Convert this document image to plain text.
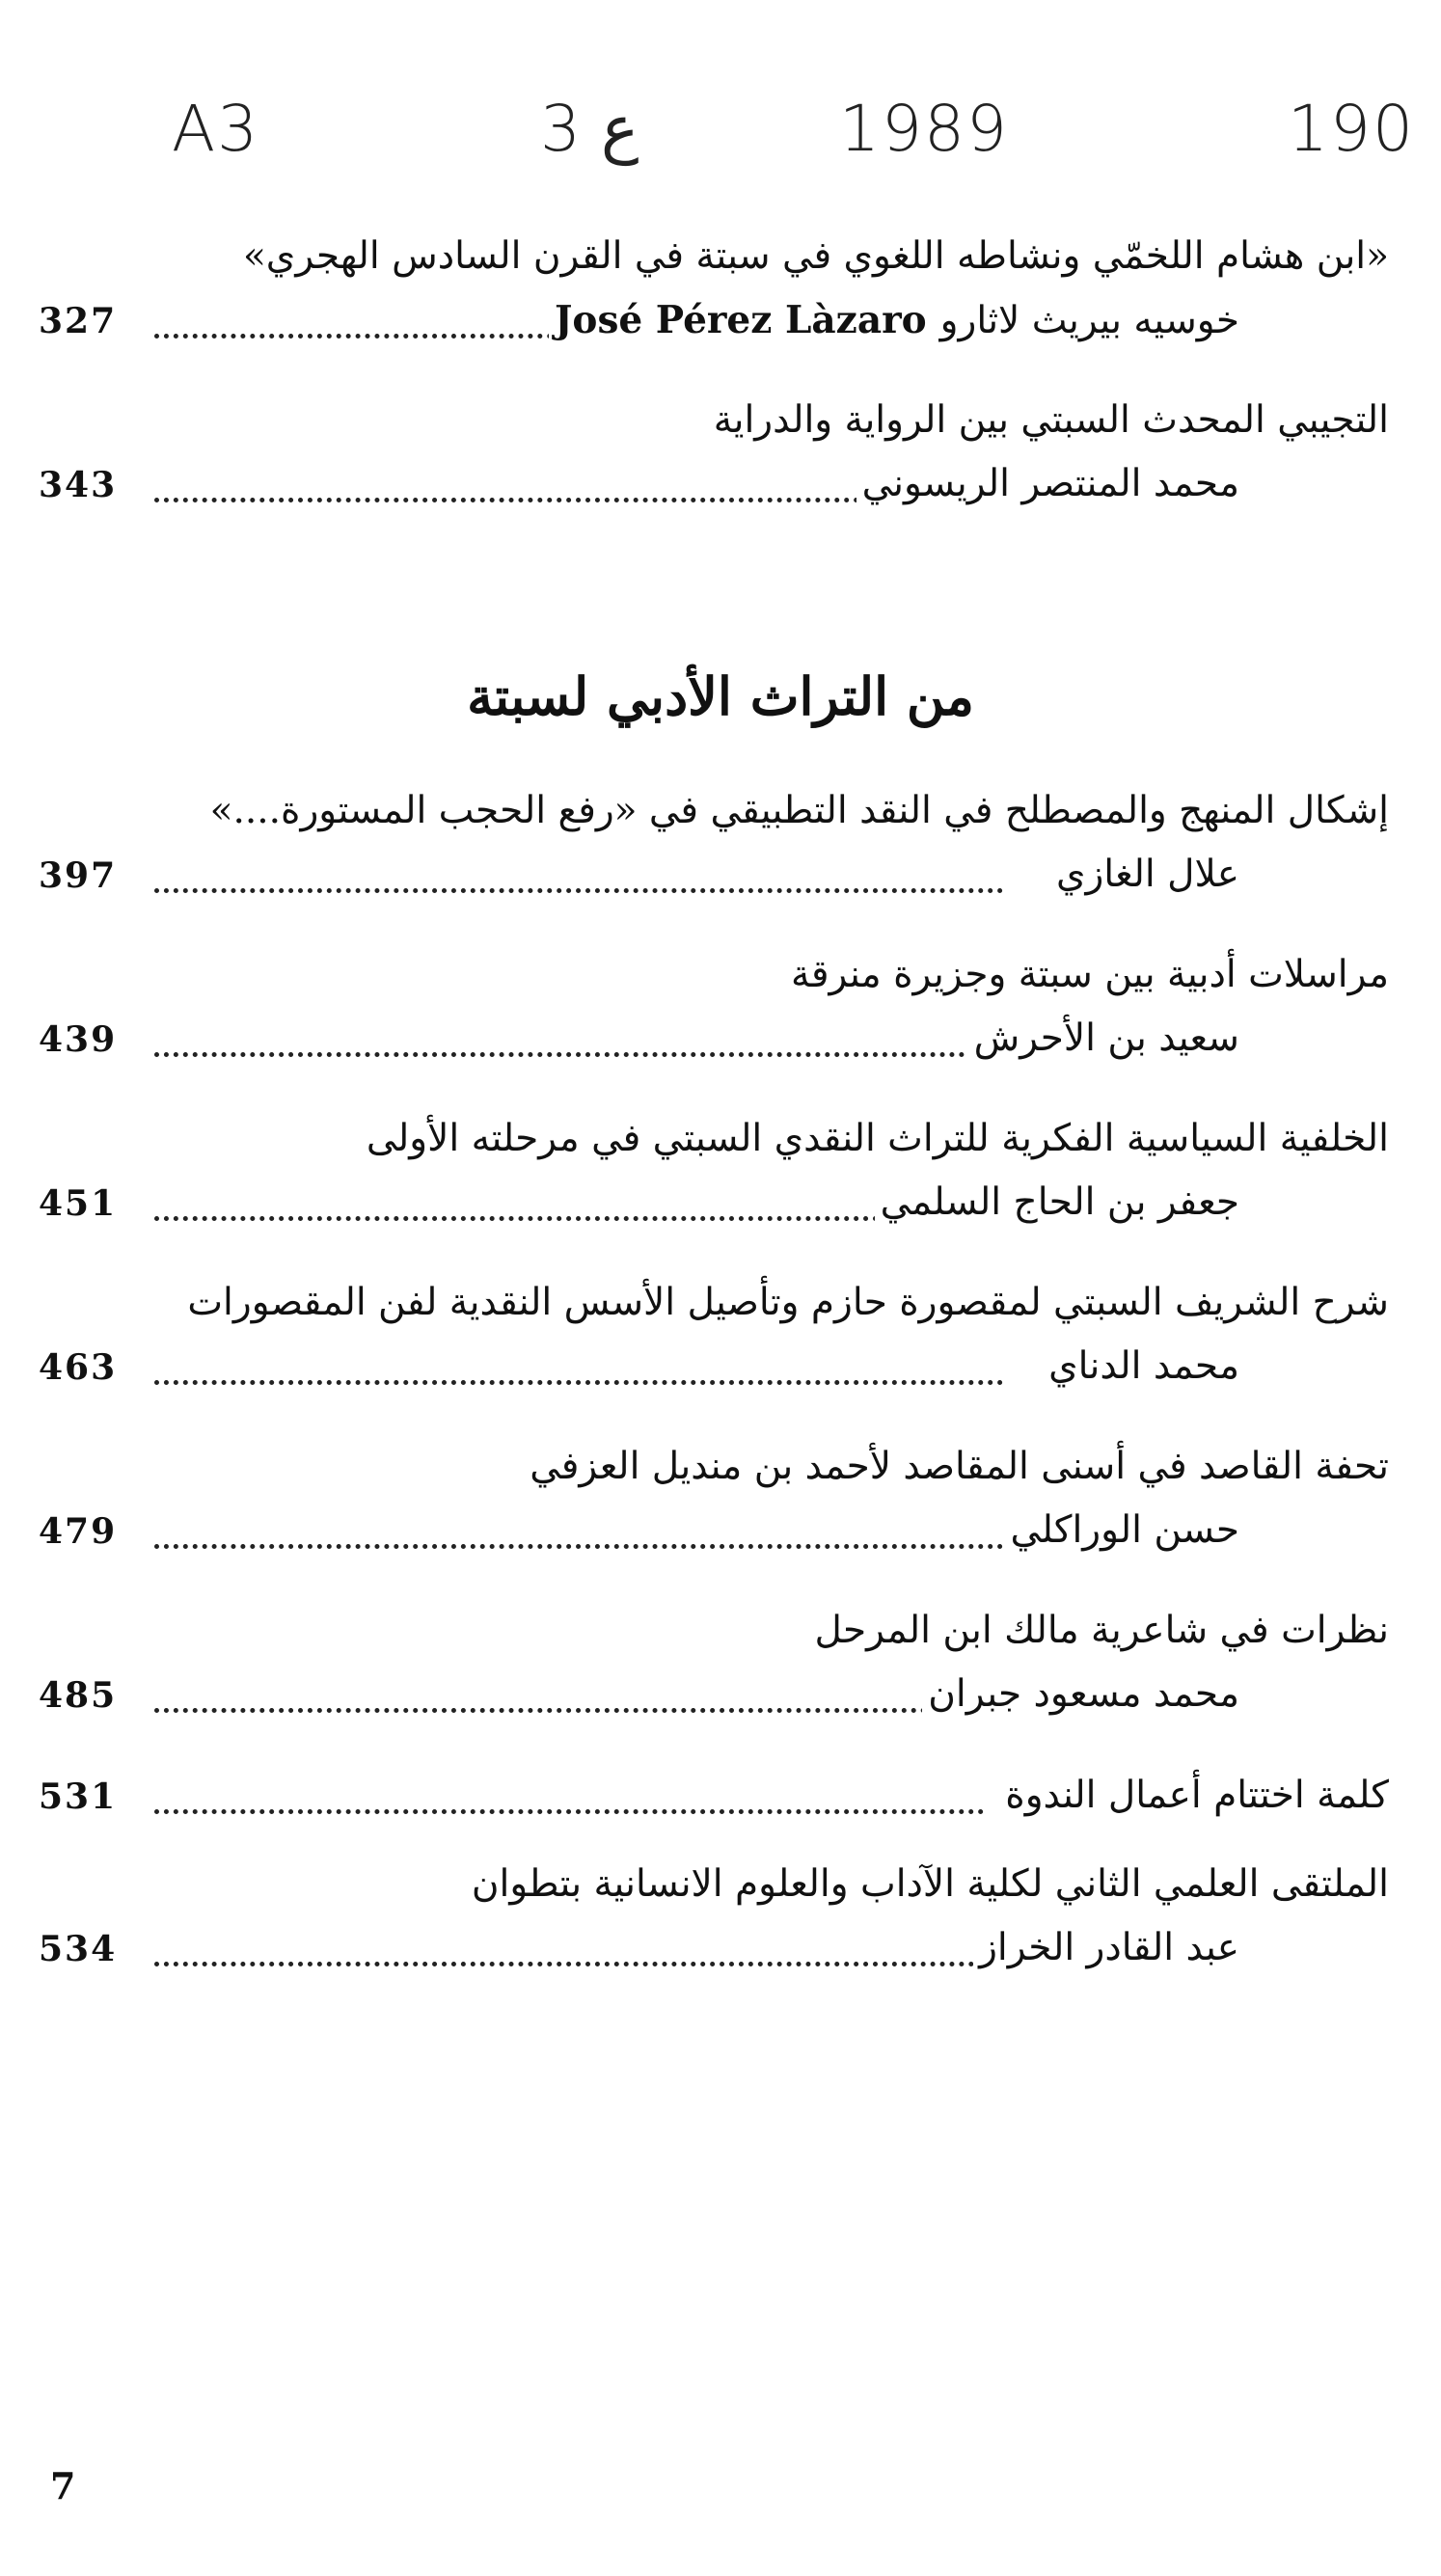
A3	3 ع	1989	190
«ابن هشام اللخمّي ونشاطه اللغوي في سبتة في القرن السادس الهجري»
327	خوسيه بيريث لاثاروJosé Pérez Làzaro
التجيبي المحدث السبتي بين الرواية والدراية
343	محمد المنتصر الريسوني
من التراث الأدبي لسبتة
إشكال المنهج والمصطلح في النقد التطبيقي في «رفع الحجب المستورة....»
397	علال الغازي
مراسلات أدبية بين سبتة وجزيرة منرقة
439	سعيد بن الأحرش
الخلفية السياسية الفكرية للتراث النقدي السبتي في مرحلته الأولى
451	جعفر بن الحاج السلمي
شرح الشريف السبتي لمقصورة حازم وتأصيل الأسس النقدية لفن المقصورات
463	محمد الدناي
تحفة القاصد في أسنى المقاصد لأحمد بن منديل العزفي
479	حسن الوراكلي
نظرات في شاعرية مالك ابن المرحل
485	محمد مسعود جبران
531	كلمة اختتام أعمال الندوة
الملتقى العلمي الثاني لكلية الآداب والعلوم الانسانية بتطوان
534	عبد القادر الخراز
7
